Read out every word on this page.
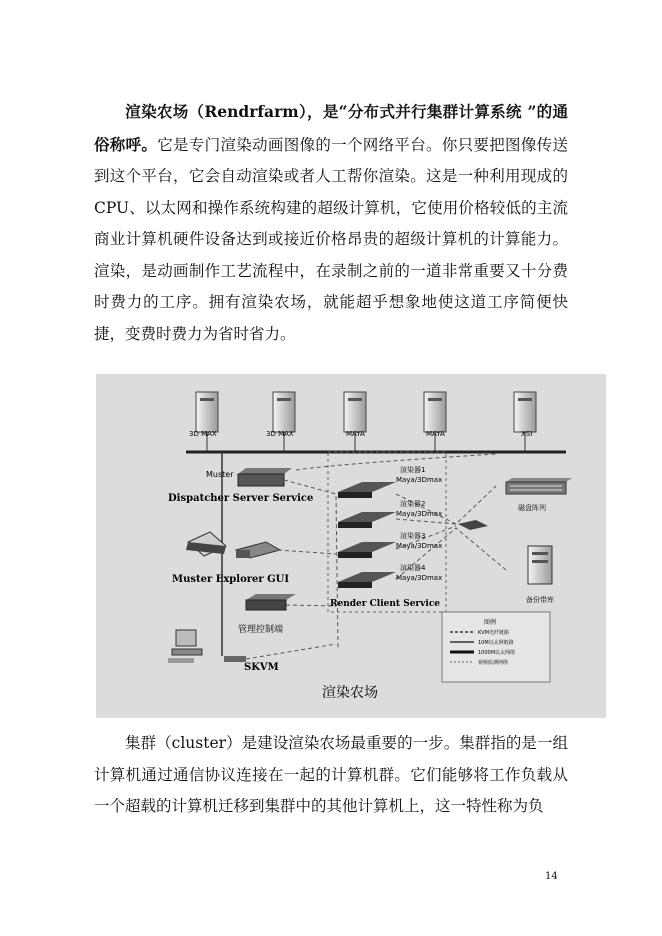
渲染农场（Rendrfarm），是“分布式并行集群计算系统 ”的通俗称呼。它是专门渲染动画图像的一个网络平台。你只要把图像传送到这个平台，它会自动渲染或者人工帮你渲染。这是一种利用现成的CPU、以太网和操作系统构建的超级计算机，它使用价格较低的主流商业计算机硬件设备达到或接近价格昂贵的超级计算机的计算能力。渲染，是动画制作工艺流程中，在录制之前的一道非常重要又十分费时费力的工序。拥有渲染农场，就能超乎想象地使这道工序简便快捷，变费时费力为省时省力。

3D MAX	3D MAX	MAYA	MAYA	XSI
Muster
Dispatcher Server Service
Muster Explorer GUI
管理控制端
SKVM
渲染器1
Maya/3Dmax
渲染器2
Maya/3Dmax
渲染器3
Maya/3Dmax
渲染器4
Maya/3Dmax
Render Client Service
磁盘阵列
备份带库
图例
KVM光纤链路
10M以太网链路
1000M以太网络
视频监测网络
渲染农场

集群（cluster）是建设渲染农场最重要的一步。集群指的是一组计算机通过通信协议连接在一起的计算机群。它们能够将工作负载从一个超载的计算机迁移到集群中的其他计算机上，这一特性称为负

14
